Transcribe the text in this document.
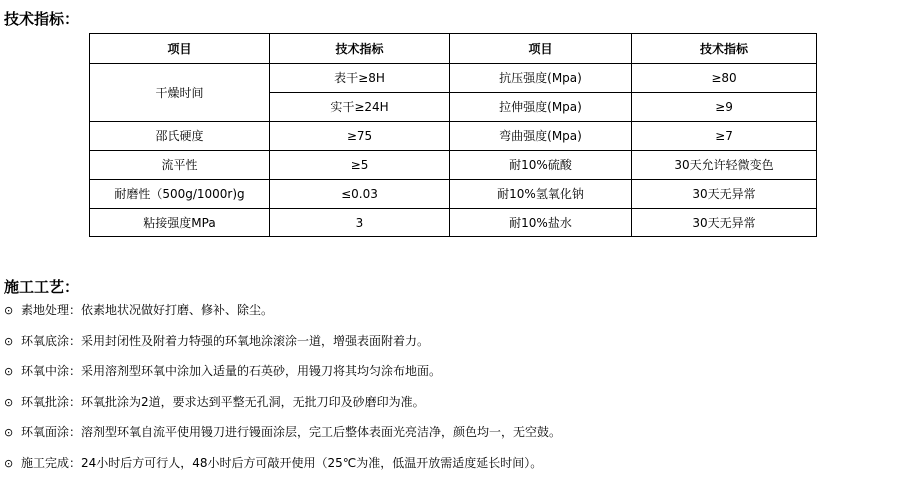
技术指标：
项目	技术指标	项目	技术指标
干燥时间	表干≥8H	抗压强度(Mpa)	≥80
	实干≥24H	拉伸强度(Mpa)	≥9
邵氏硬度	≥75	弯曲强度(Mpa)	≥7
流平性	≥5	耐10%硫酸	30天允许轻微变色
耐磨性（500g/1000r)g	≤0.03	耐10%氢氧化钠	30天无异常
粘接强度MPa	3	耐10%盐水	30天无异常
施工工艺：
⊙ 素地处理：依素地状况做好打磨、修补、除尘。
⊙ 环氧底涂：采用封闭性及附着力特强的环氧地涂滚涂一道，增强表面附着力。
⊙ 环氧中涂：采用溶剂型环氧中涂加入适量的石英砂，用镘刀将其均匀涂布地面。
⊙ 环氧批涂：环氧批涂为2道，要求达到平整无孔洞，无批刀印及砂磨印为准。
⊙ 环氧面涂：溶剂型环氧自流平使用镘刀进行镘面涂层，完工后整体表面光亮洁净，颜色均一，无空鼓。
⊙ 施工完成：24小时后方可行人，48小时后方可敲开使用（25℃为准，低温开放需适度延长时间）。
